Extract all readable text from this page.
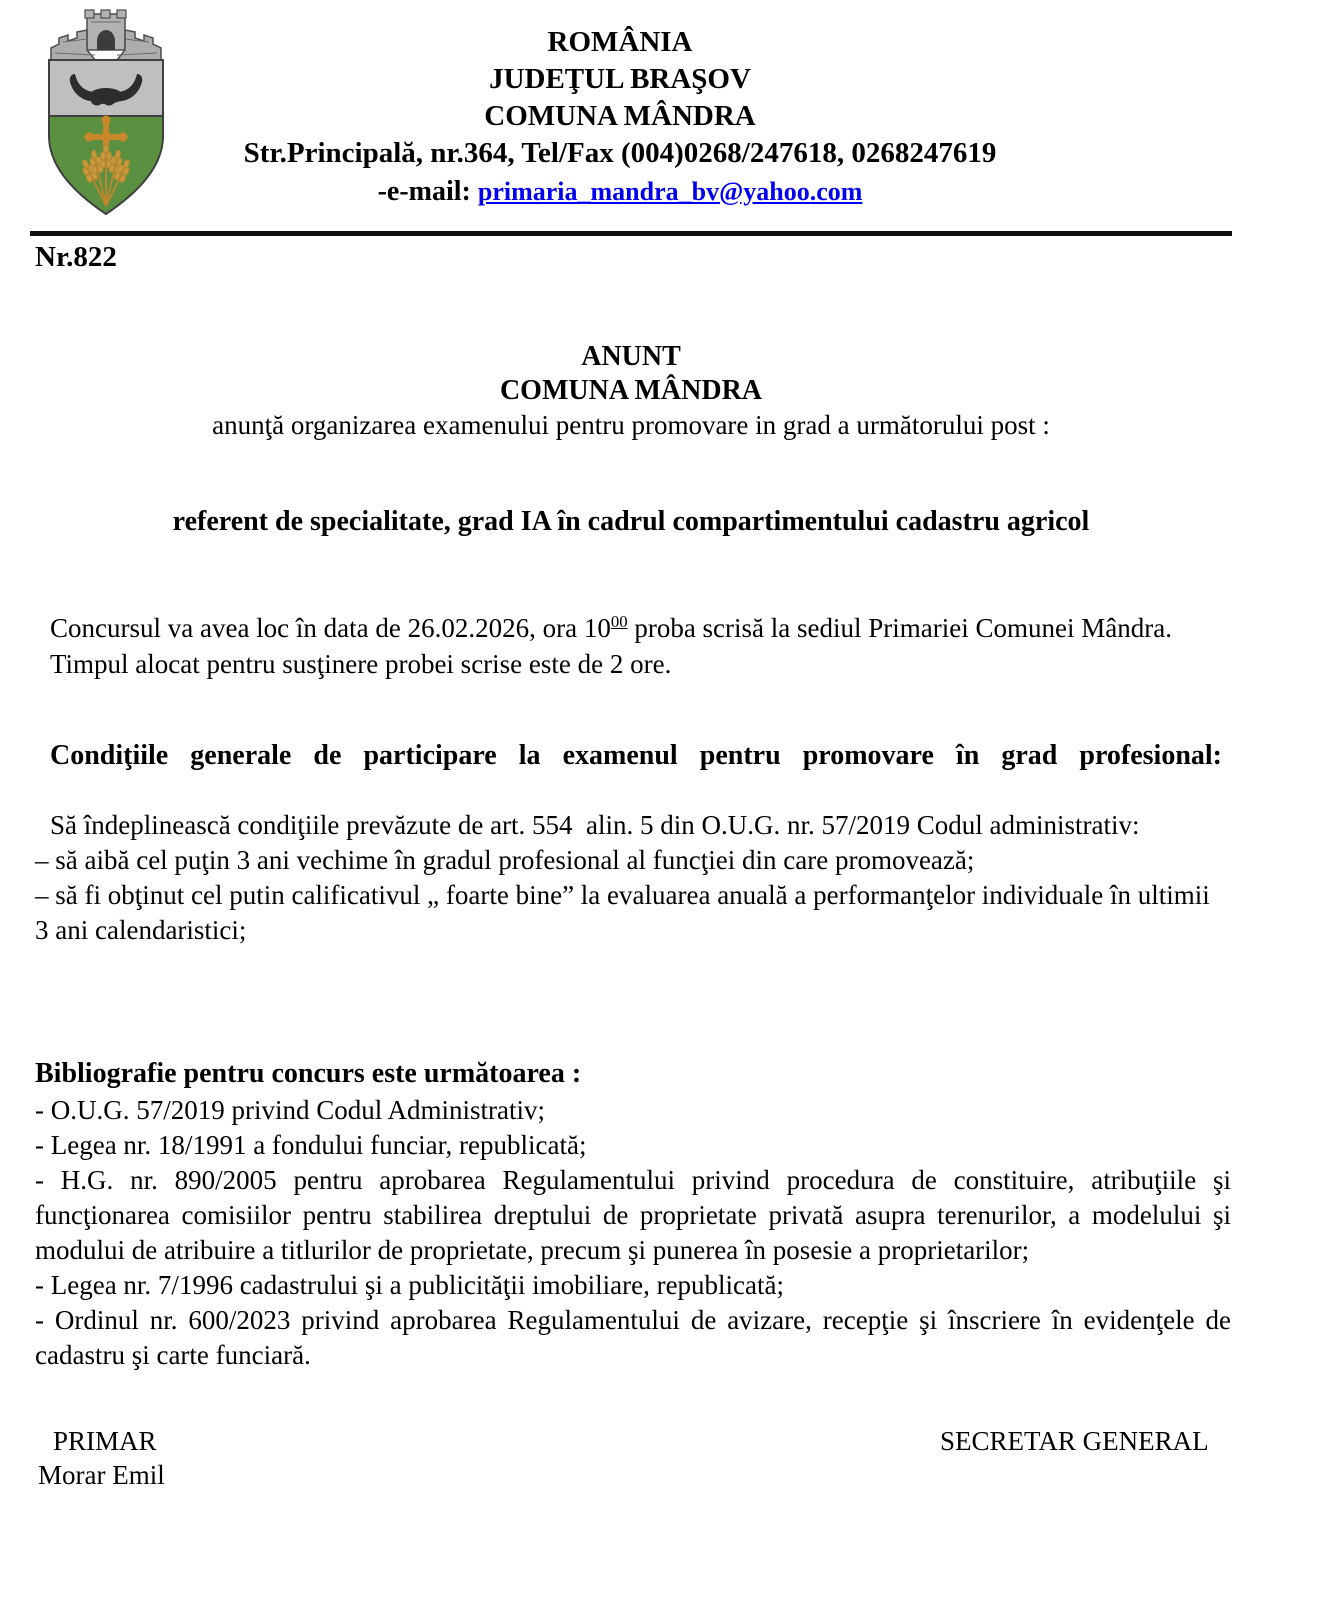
ROMÂNIA
JUDEŢUL BRAŞOV
COMUNA MÂNDRA
Str.Principală, nr.364, Tel/Fax (004)0268/247618, 0268247619
-e-mail: primaria_mandra_bv@yahoo.com
Nr.822
ANUNT
COMUNA MÂNDRA
anunţă organizarea examenului pentru promovare in grad a următorului post :
referent de specialitate, grad IA în cadrul compartimentului cadastru agricol
Concursul va avea loc în data de 26.02.2026, ora $10^{00}$ proba scrisă la sediul Primariei Comunei Mândra.
Timpul alocat pentru susţinere probei scrise este de 2 ore.
Condiţiile generale de participare la examenul pentru promovare în grad profesional:
Să îndeplinească condiţiile prevăzute de art. 554  alin. 5 din O.U.G. nr. 57/2019 Codul administrativ:
– să aibă cel puţin 3 ani vechime în gradul profesional al funcţiei din care promovează;
– să fi obţinut cel putin calificativul „ foarte bine” la evaluarea anuală a performanţelor individuale în ultimii 3 ani calendaristici;
Bibliografie pentru concurs este următoarea :
- O.U.G. 57/2019 privind Codul Administrativ;
- Legea nr. 18/1991 a fondului funciar, republicată;
- H.G. nr. 890/2005 pentru aprobarea Regulamentului privind procedura de constituire, atribuţiile şi funcţionarea comisiilor pentru stabilirea dreptului de proprietate privată asupra terenurilor, a modelului şi modului de atribuire a titlurilor de proprietate, precum şi punerea în posesie a proprietarilor;
- Legea nr. 7/1996 cadastrului şi a publicităţii imobiliare, republicată;
- Ordinul nr. 600/2023 privind aprobarea Regulamentului de avizare, recepţie şi înscriere în evidenţele de cadastru şi carte funciară.
PRIMAR
Morar Emil
SECRETAR GENERAL
